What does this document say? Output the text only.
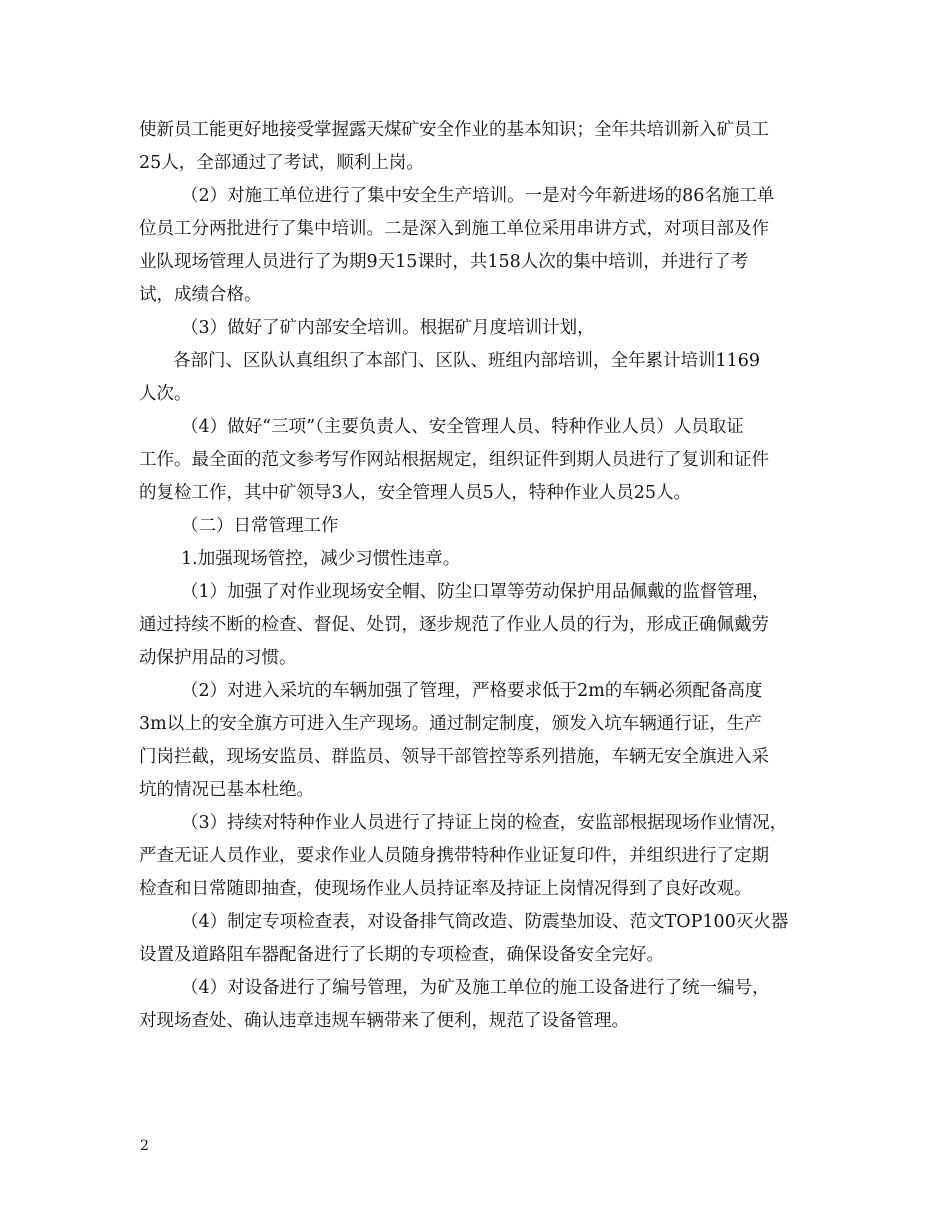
使新员工能更好地接受掌握露天煤矿安全作业的基本知识；全年共培训新入矿员工
25人，全部通过了考试，顺利上岗。
（2）对施工单位进行了集中安全生产培训。一是对今年新进场的86名施工单
位员工分两批进行了集中培训。二是深入到施工单位采用串讲方式，对项目部及作
业队现场管理人员进行了为期9天15课时，共158人次的集中培训，并进行了考
试，成绩合格。
（3）做好了矿内部安全培训。根据矿月度培训计划，
各部门、区队认真组织了本部门、区队、班组内部培训，全年累计培训1169
人次。
（4）做好“三项”（主要负责人、安全管理人员、特种作业人员）人员取证
工作。最全面的范文参考写作网站根据规定，组织证件到期人员进行了复训和证件
的复检工作，其中矿领导3人，安全管理人员5人，特种作业人员25人。
（二）日常管理工作
1.加强现场管控，减少习惯性违章。
（1）加强了对作业现场安全帽、防尘口罩等劳动保护用品佩戴的监督管理，
通过持续不断的检查、督促、处罚，逐步规范了作业人员的行为，形成正确佩戴劳
动保护用品的习惯。
（2）对进入采坑的车辆加强了管理，严格要求低于2m的车辆必须配备高度
3m以上的安全旗方可进入生产现场。通过制定制度，颁发入坑车辆通行证，生产
门岗拦截，现场安监员、群监员、领导干部管控等系列措施，车辆无安全旗进入采
坑的情况已基本杜绝。
（3）持续对特种作业人员进行了持证上岗的检查，安监部根据现场作业情况，
严查无证人员作业，要求作业人员随身携带特种作业证复印件，并组织进行了定期
检查和日常随即抽查，使现场作业人员持证率及持证上岗情况得到了良好改观。
（4）制定专项检查表，对设备排气筒改造、防震垫加设、范文TOP100灭火器
设置及道路阻车器配备进行了长期的专项检查，确保设备安全完好。
（4）对设备进行了编号管理，为矿及施工单位的施工设备进行了统一编号，
对现场查处、确认违章违规车辆带来了便利，规范了设备管理。
2
